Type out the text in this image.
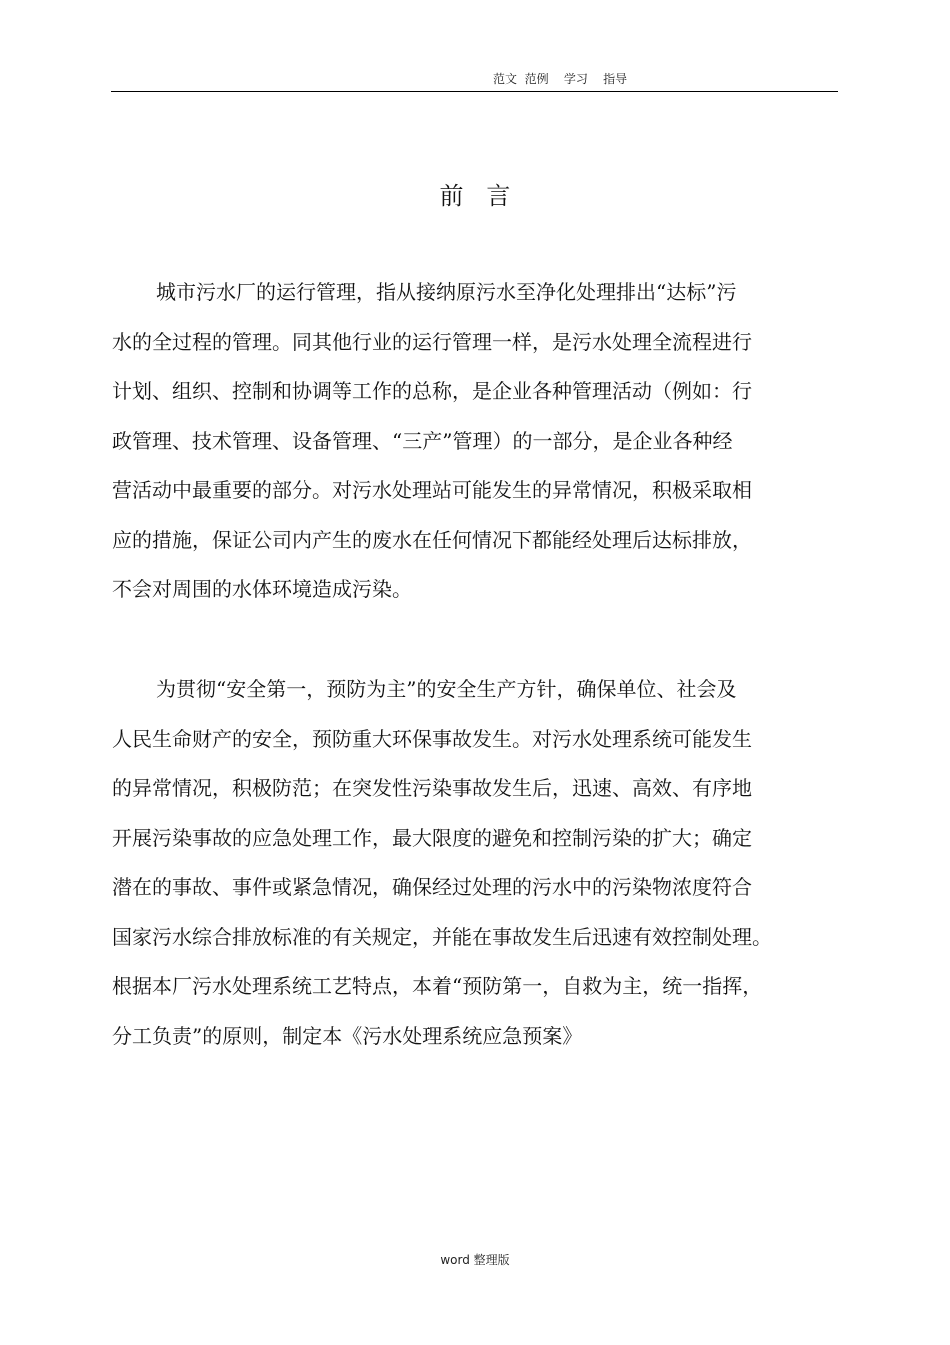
范文  范例    学习    指导
前   言
城市污水厂的运行管理，指从接纳原污水至净化处理排出“达标”污
水的全过程的管理。同其他行业的运行管理一样，是污水处理全流程进行
计划、组织、控制和协调等工作的总称，是企业各种管理活动（例如：行
政管理、技术管理、设备管理、“三产”管理）的一部分，是企业各种经
营活动中最重要的部分。对污水处理站可能发生的异常情况，积极采取相
应的措施，保证公司内产生的废水在任何情况下都能经处理后达标排放，
不会对周围的水体环境造成污染。
为贯彻“安全第一，预防为主”的安全生产方针，确保单位、社会及
人民生命财产的安全，预防重大环保事故发生。对污水处理系统可能发生
的异常情况，积极防范；在突发性污染事故发生后，迅速、高效、有序地
开展污染事故的应急处理工作，最大限度的避免和控制污染的扩大；确定
潜在的事故、事件或紧急情况，确保经过处理的污水中的污染物浓度符合
国家污水综合排放标准的有关规定，并能在事故发生后迅速有效控制处理。
根据本厂污水处理系统工艺特点，本着“预防第一，自救为主，统一指挥，
分工负责”的原则，制定本《污水处理系统应急预案》
word 整理版
